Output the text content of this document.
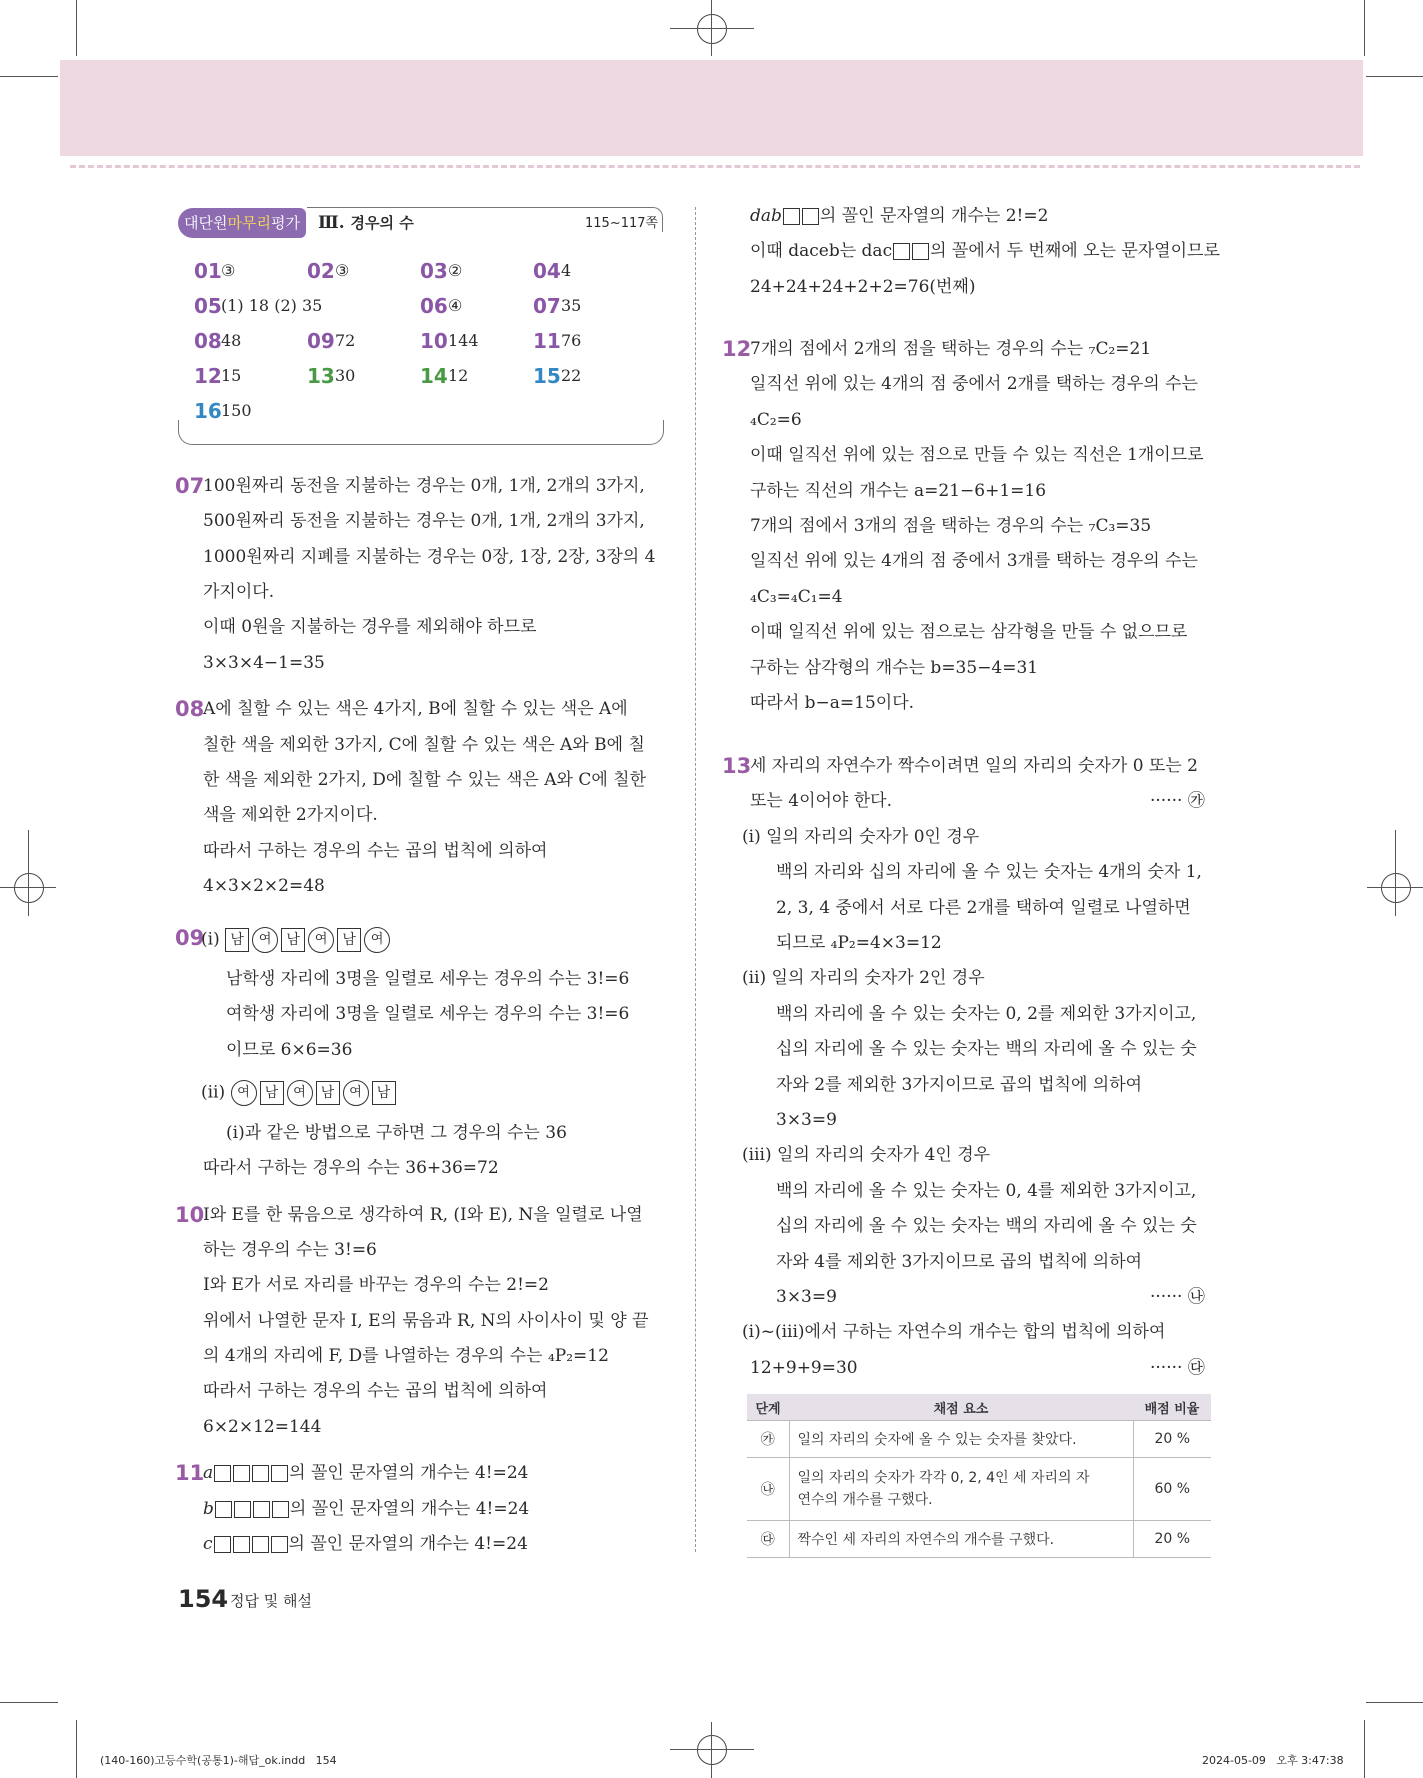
대단원마무리평가	Ⅲ. 경우의 수	115~117쪽
01 ③	02 ③	03 ②	04 4
05 (1) 18 (2) 35	06 ④	07 35
08 48	09 72	10 144	11 76
12 15	13 30	14 12	15 22
16 150
07
100원짜리 동전을 지불하는 경우는 0개, 1개, 2개의 3가지,
500원짜리 동전을 지불하는 경우는 0개, 1개, 2개의 3가지,
1000원짜리 지폐를 지불하는 경우는 0장, 1장, 2장, 3장의 4
가지이다.
이때 0원을 지불하는 경우를 제외해야 하므로
3×3×4−1=35
08
A에 칠할 수 있는 색은 4가지, B에 칠할 수 있는 색은 A에
칠한 색을 제외한 3가지, C에 칠할 수 있는 색은 A와 B에 칠
한 색을 제외한 2가지, D에 칠할 수 있는 색은 A와 C에 칠한
색을 제외한 2가지이다.
따라서 구하는 경우의 수는 곱의 법칙에 의하여
4×3×2×2=48
09
(ⅰ) 남 여 남 여 남 여
남학생 자리에 3명을 일렬로 세우는 경우의 수는 3!=6
여학생 자리에 3명을 일렬로 세우는 경우의 수는 3!=6
이므로 6×6=36
(ⅱ) 여 남 여 남 여 남
(ⅰ)과 같은 방법으로 구하면 그 경우의 수는 36
따라서 구하는 경우의 수는 36+36=72
10
I와 E를 한 묶음으로 생각하여 R, (I와 E), N을 일렬로 나열
하는 경우의 수는 3!=6
I와 E가 서로 자리를 바꾸는 경우의 수는 2!=2
위에서 나열한 문자 I, E의 묶음과 R, N의 사이사이 및 양 끝
의 4개의 자리에 F, D를 나열하는 경우의 수는 ₄P₂=12
따라서 구하는 경우의 수는 곱의 법칙에 의하여
6×2×12=144
11
a	의 꼴인 문자열의 개수는 4!=24
b	의 꼴인 문자열의 개수는 4!=24
c	의 꼴인 문자열의 개수는 4!=24
dab 의 꼴인 문자열의 개수는 2!=2
이때 daceb는 dac 의 꼴에서 두 번째에 오는 문자열이므로
24+24+24+2+2=76(번째)
12
7개의 점에서 2개의 점을 택하는 경우의 수는 ₇C₂=21
일직선 위에 있는 4개의 점 중에서 2개를 택하는 경우의 수는
₄C₂=6
이때 일직선 위에 있는 점으로 만들 수 있는 직선은 1개이므로
구하는 직선의 개수는 a=21−6+1=16
7개의 점에서 3개의 점을 택하는 경우의 수는 ₇C₃=35
일직선 위에 있는 4개의 점 중에서 3개를 택하는 경우의 수는
₄C₃=₄C₁=4
이때 일직선 위에 있는 점으로는 삼각형을 만들 수 없으므로
구하는 삼각형의 개수는 b=35−4=31
따라서 b−a=15이다.
13
세 자리의 자연수가 짝수이려면 일의 자리의 숫자가 0 또는 2
또는 4이어야 한다.	······ ㉮
(ⅰ) 일의 자리의 숫자가 0인 경우
백의 자리와 십의 자리에 올 수 있는 숫자는 4개의 숫자 1,
2, 3, 4 중에서 서로 다른 2개를 택하여 일렬로 나열하면
되므로 ₄P₂=4×3=12
(ⅱ) 일의 자리의 숫자가 2인 경우
백의 자리에 올 수 있는 숫자는 0, 2를 제외한 3가지이고,
십의 자리에 올 수 있는 숫자는 백의 자리에 올 수 있는 숫
자와 2를 제외한 3가지이므로 곱의 법칙에 의하여
3×3=9
(ⅲ) 일의 자리의 숫자가 4인 경우
백의 자리에 올 수 있는 숫자는 0, 4를 제외한 3가지이고,
십의 자리에 올 수 있는 숫자는 백의 자리에 올 수 있는 숫
자와 4를 제외한 3가지이므로 곱의 법칙에 의하여
3×3=9	······ ㉯
(ⅰ)~(ⅲ)에서 구하는 자연수의 개수는 합의 법칙에 의하여
12+9+9=30	······ ㉰
단계	채점 요소	배점 비율
㉮	일의 자리의 숫자에 올 수 있는 숫자를 찾았다.	20 %
㉯	일의 자리의 숫자가 각각 0, 2, 4인 세 자리의 자
연수의 개수를 구했다.	60 %
㉰	짝수인 세 자리의 자연수의 개수를 구했다.	20 %
154 정답 및 해설
(140-160)고등수학(공통1)-해답_ok.indd   154	2024-05-09   오후 3:47:38
